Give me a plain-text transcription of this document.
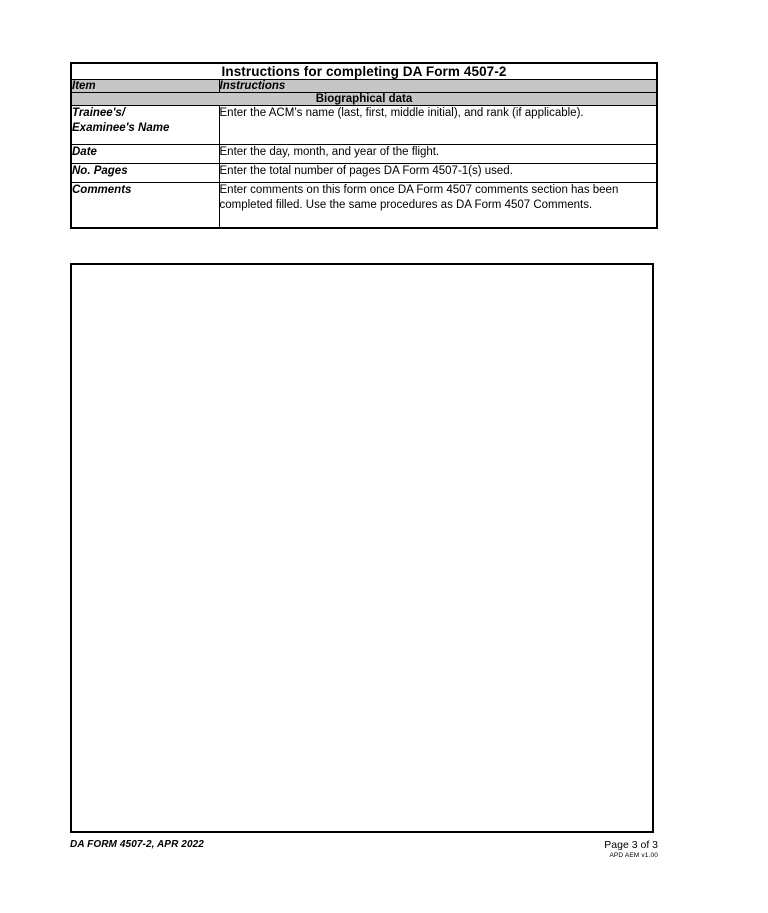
Instructions for completing DA Form 4507-2	
Item	Instructions
Biographical data	
Trainee's/
Examinee's Name	Enter the ACM’s name (last, first, middle initial), and rank (if applicable).
Date	Enter the day, month, and year of the flight.
No. Pages	Enter the total number of pages DA Form 4507-1(s) used.
Comments	Enter comments on this form once DA Form 4507 comments section has been completed filled. Use the same procedures as DA Form 4507 Comments.
DA FORM 4507-2, APR 2022	Page 3 of 3
APD AEM v1.00
